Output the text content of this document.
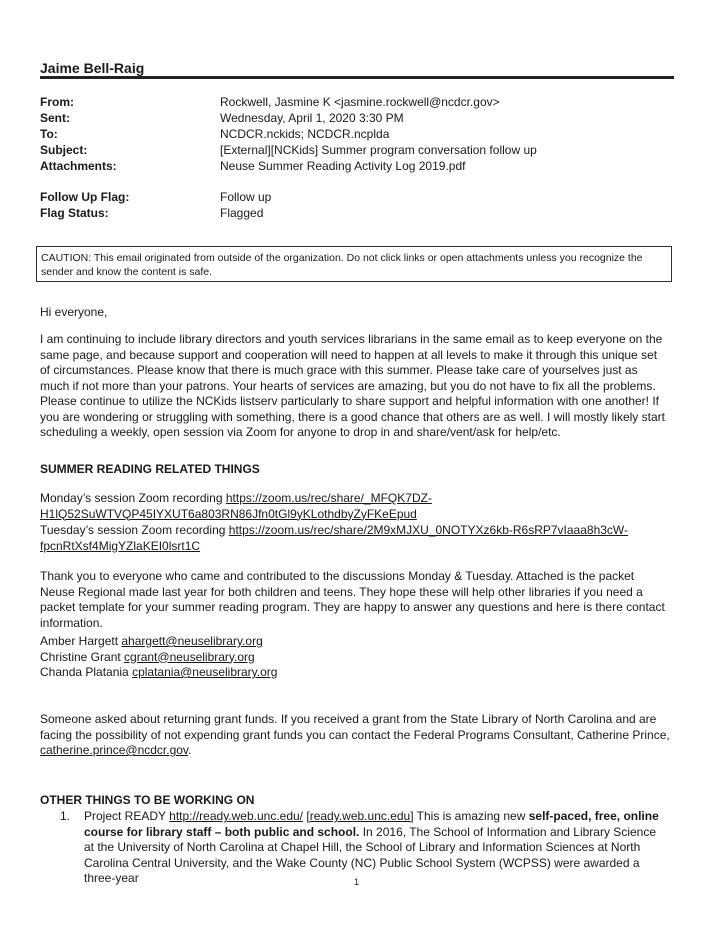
Jaime Bell-Raig
From:	Rockwell, Jasmine K <jasmine.rockwell@ncdcr.gov>
Sent:	Wednesday, April 1, 2020 3:30 PM
To:	NCDCR.nckids; NCDCR.ncplda
Subject:	[External][NCKids] Summer program conversation follow up
Attachments:	Neuse Summer Reading Activity Log 2019.pdf
Follow Up Flag:	Follow up
Flag Status:	Flagged
CAUTION: This email originated from outside of the organization. Do not click links or open attachments unless you recognize the sender and know the content is safe.
Hi everyone,
I am continuing to include library directors and youth services librarians in the same email as to keep everyone on the same page, and because support and cooperation will need to happen at all levels to make it through this unique set of circumstances. Please know that there is much grace with this summer. Please take care of yourselves just as much if not more than your patrons. Your hearts of services are amazing, but you do not have to fix all the problems. Please continue to utilize the NCKids listserv particularly to share support and helpful information with one another! If you are wondering or struggling with something, there is a good chance that others are as well. I will mostly likely start scheduling a weekly, open session via Zoom for anyone to drop in and share/vent/ask for help/etc.
SUMMER READING RELATED THINGS
Monday’s session Zoom recording https://zoom.us/rec/share/_MFQK7DZ-
H1lQ52SuWTVQP45IYXUT6a803RN86Jfn0tGl9yKLothdbyZyFKeEpud
Tuesday’s session Zoom recording https://zoom.us/rec/share/2M9xMJXU_0NOTYXz6kb-R6sRP7vIaaa8h3cW-
fpcnRtXsf4MigYZlaKEI0lsrt1C
Thank you to everyone who came and contributed to the discussions Monday & Tuesday. Attached is the packet Neuse Regional made last year for both children and teens. They hope these will help other libraries if you need a packet template for your summer reading program. They are happy to answer any questions and here is there contact information.
Amber Hargett ahargett@neuselibrary.org
Christine Grant cgrant@neuselibrary.org
Chanda Platania cplatania@neuselibrary.org
Someone asked about returning grant funds. If you received a grant from the State Library of North Carolina and are facing the possibility of not expending grant funds you can contact the Federal Programs Consultant, Catherine Prince, catherine.prince@ncdcr.gov.
OTHER THINGS TO BE WORKING ON
1. Project READY http://ready.web.unc.edu/ [ready.web.unc.edu] This is amazing new self-paced, free, online course for library staff – both public and school. In 2016, The School of Information and Library Science at the University of North Carolina at Chapel Hill, the School of Library and Information Sciences at North Carolina Central University, and the Wake County (NC) Public School System (WCPSS) were awarded a three-year	1
